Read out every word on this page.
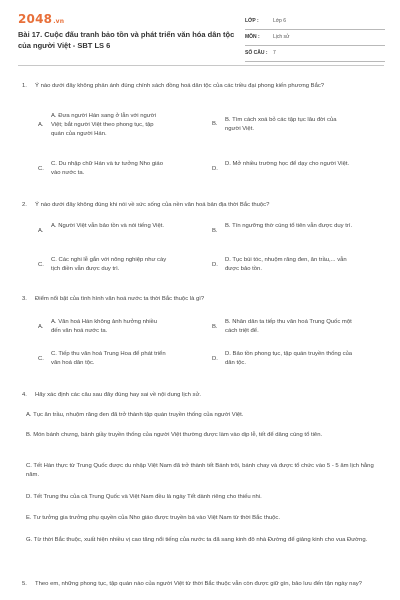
2048.vn
Bài 17. Cuộc đấu tranh bảo tồn và phát triển văn hóa dân tộc của người Việt - SBT LS 6
LỚP :	Lớp 6
MÔN :	Lịch sử
SỐ CÂU : 7
1.	Ý nào dưới đây không phản ánh đúng chính sách đồng hoá dân tộc của các triều đại phong kiến phương Bắc?
A.
A. Đưa người Hán sang ở lẫn với người Việt; bắt người Việt theo phong tục, tập quán của người Hán.
B.
B. Tìm cách xoá bỏ các tập tục lâu đời của người Việt.
C.
C. Du nhập chữ Hán và tư tưởng Nho giáo vào nước ta.
D.
D. Mở nhiều trường học để dạy cho người Việt.
2.	Ý nào dưới đây không đúng khi nói về sức sống của nền văn hoá bản địa thời Bắc thuộc?
A.
A. Người Việt vẫn bảo tồn và nói tiếng Việt.
B.
B. Tín ngưỡng thờ cúng tổ tiên vẫn được duy trì.
C.
C. Các nghi lễ gắn với nông nghiệp như cày tịch điền vẫn được duy trì.
D.
D. Tục búi tóc, nhuộm răng đen, ăn trầu,... vẫn được bảo tồn.
3.	Điểm nổi bật của tình hình văn hoá nước ta thời Bắc thuộc là gì?
A.
A. Văn hoá Hán không ảnh hưởng nhiều đến văn hoá nước ta.
B.
B. Nhân dân ta tiếp thu văn hoá Trung Quốc một cách triệt để.
C.
C. Tiếp thu văn hoá Trung Hoa để phát triển văn hoá dân tộc.
D.
D. Bảo tồn phong tục, tập quán truyền thống của dân tộc.
4.	Hãy xác định các câu sau đây đúng hay sai về nội dung lịch sử.
A. Tục ăn trầu, nhuộm răng đen đã trở thành tập quán truyền thống của người Việt.
B. Món bánh chưng, bánh giầy truyền thống của người Việt thường được làm vào dịp lễ, tết để dâng cúng tổ tiên.
C. Tết Hàn thực từ Trung Quốc được du nhập Việt Nam đã trở thành tết Bánh trôi, bánh chay và được tổ chức vào 5 - 5 âm lịch hằng năm.
D. Tết Trung thu của cả Trung Quốc và Việt Nam đều là ngày Tết dành riêng cho thiếu nhi.
E. Tư tưởng gia trưởng phụ quyền của Nho giáo được truyền bá vào Việt Nam từ thời Bắc thuộc.
G. Từ thời Bắc thuộc, xuất hiện nhiều vị cao tăng nổi tiếng của nước ta đã sang kinh đô nhà Đường để giảng kinh cho vua Đường.
5.	Theo em, những phong tục, tập quán nào của người Việt từ thời Bắc thuộc vẫn còn được giữ gìn, bảo lưu đến tận ngày nay?
